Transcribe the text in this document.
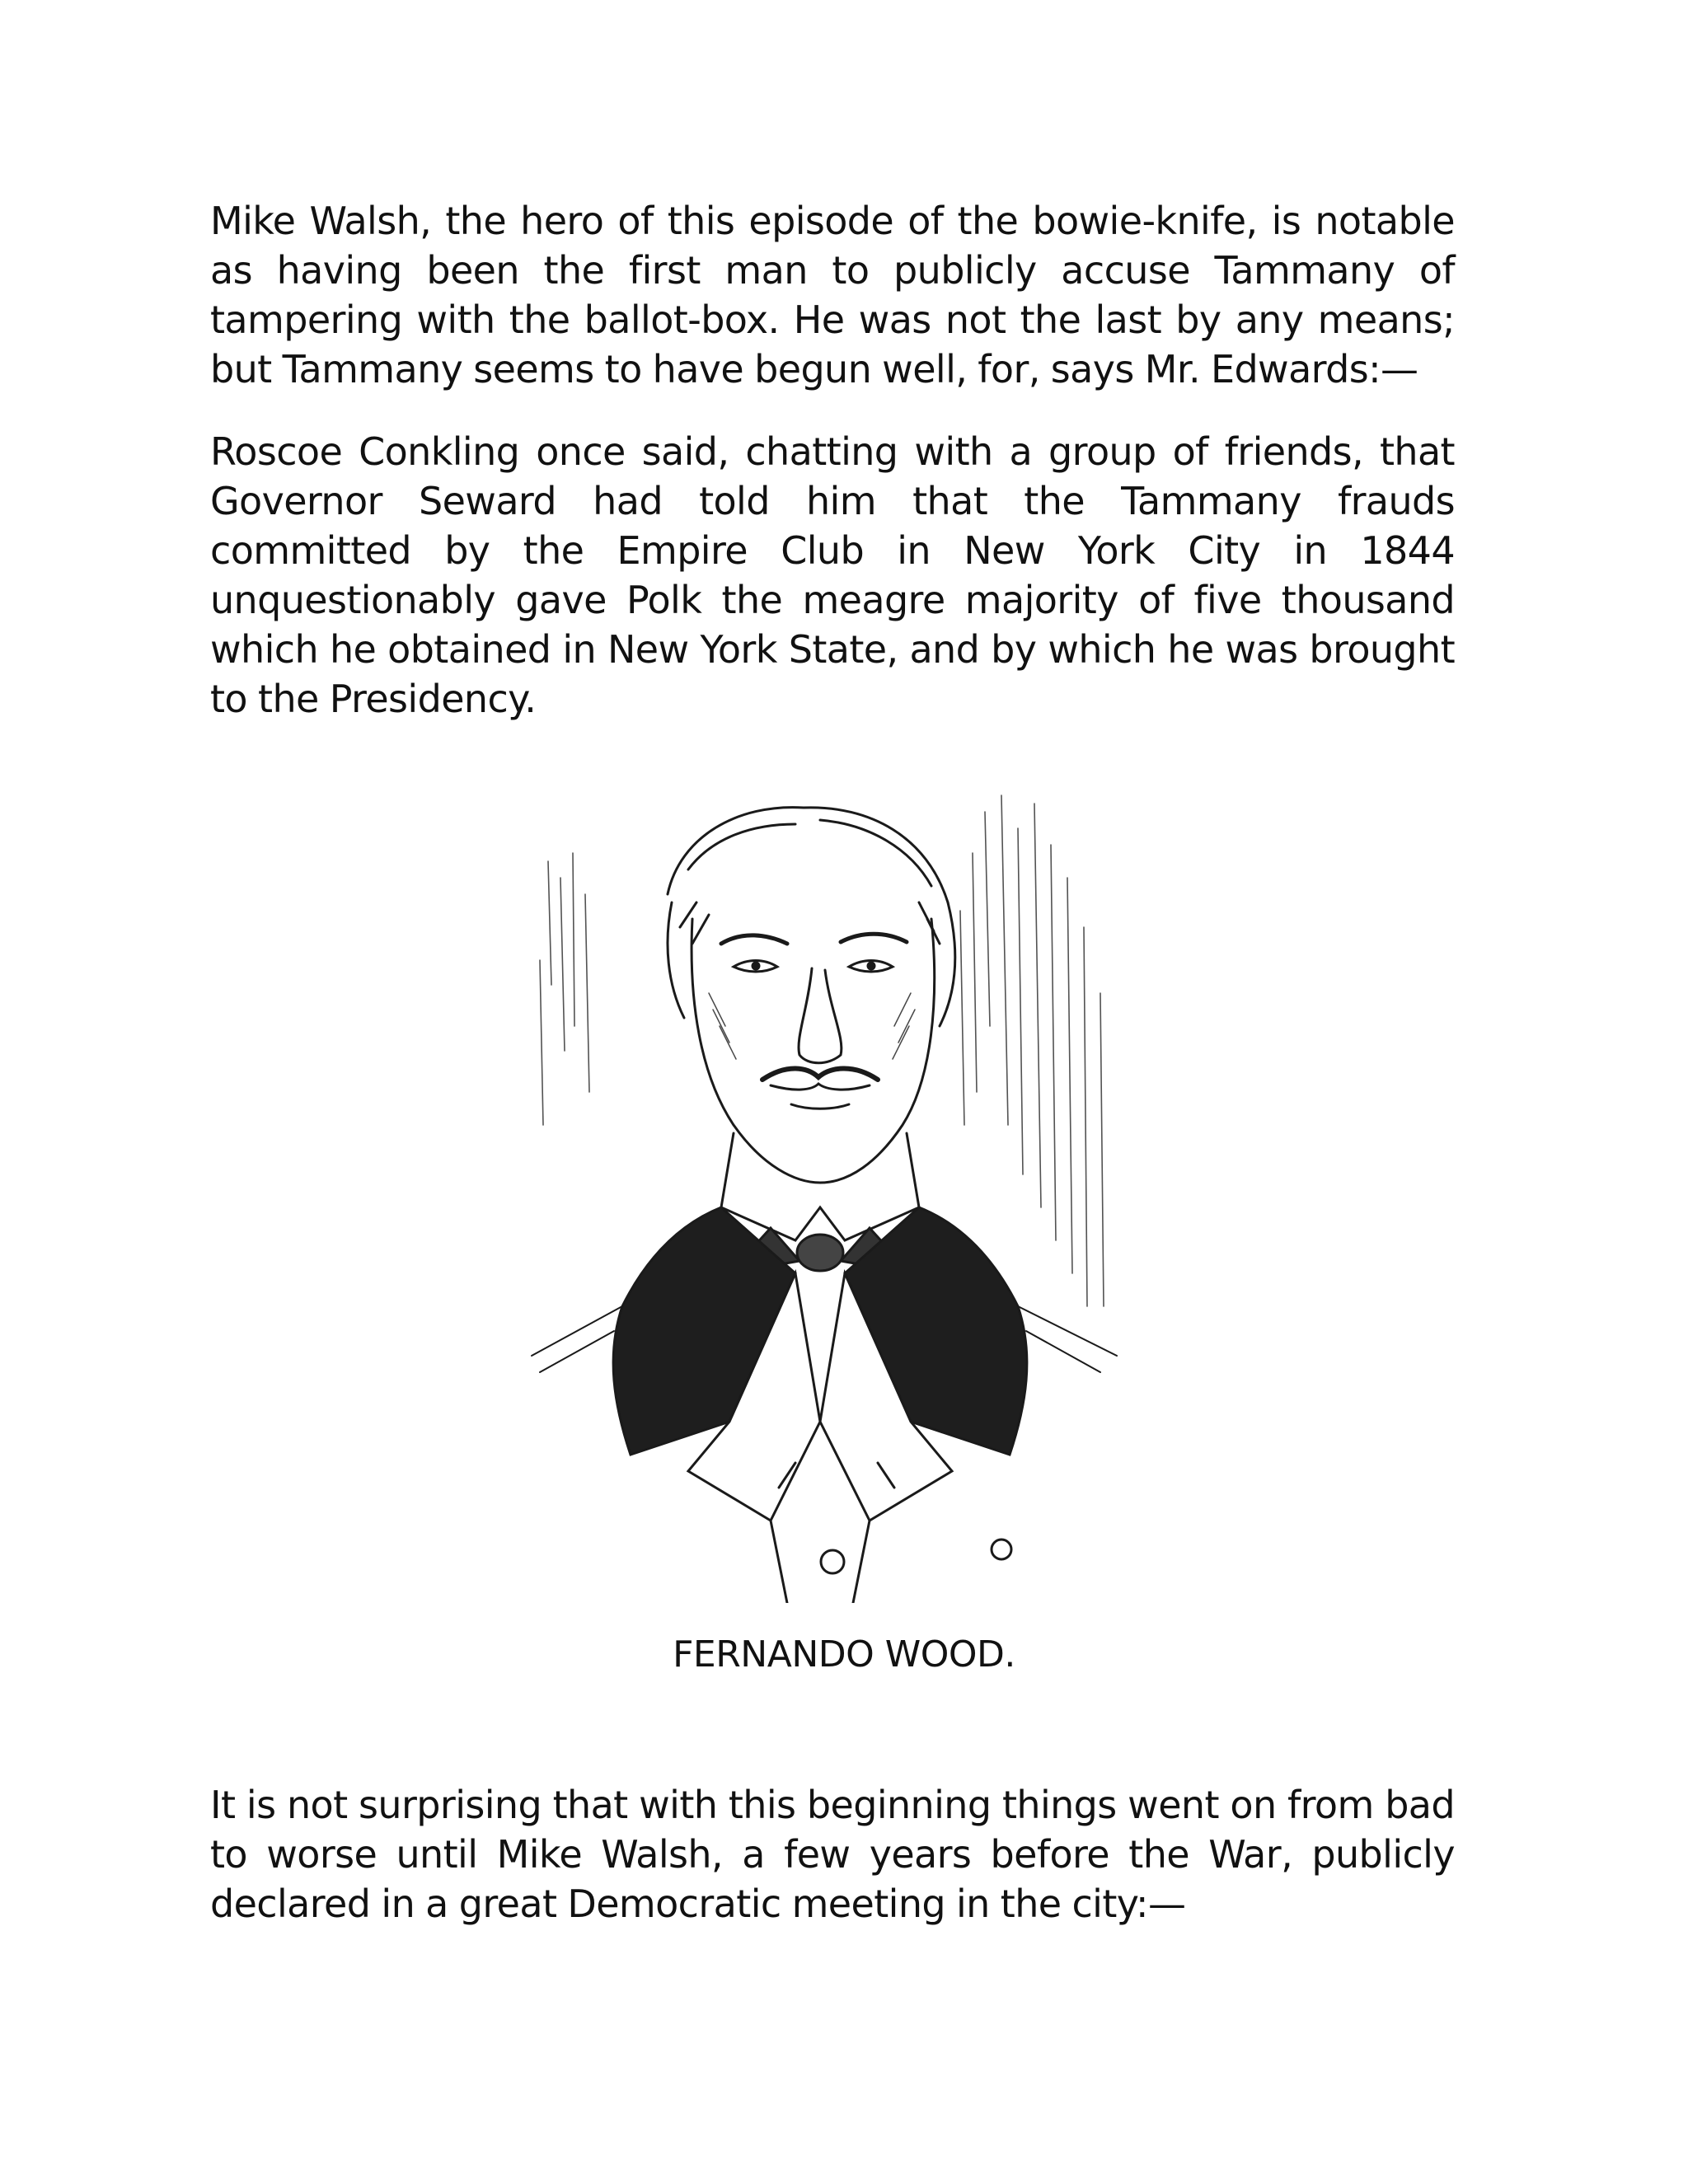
Mike Walsh, the hero of this episode of the bowie-knife, is notable as having been the first man to publicly accuse Tammany of tampering with the ballot-box. He was not the last by any means; but Tammany seems to have begun well, for, says Mr. Edwards:—

Roscoe Conkling once said, chatting with a group of friends, that Governor Seward had told him that the Tammany frauds committed by the Empire Club in New York City in 1844 unquestionably gave Polk the meagre majority of five thousand which he obtained in New York State, and by which he was brought to the Presidency.

FERNANDO WOOD.

It is not surprising that with this beginning things went on from bad to worse until Mike Walsh, a few years before the War, publicly declared in a great Democratic meeting in the city:—
